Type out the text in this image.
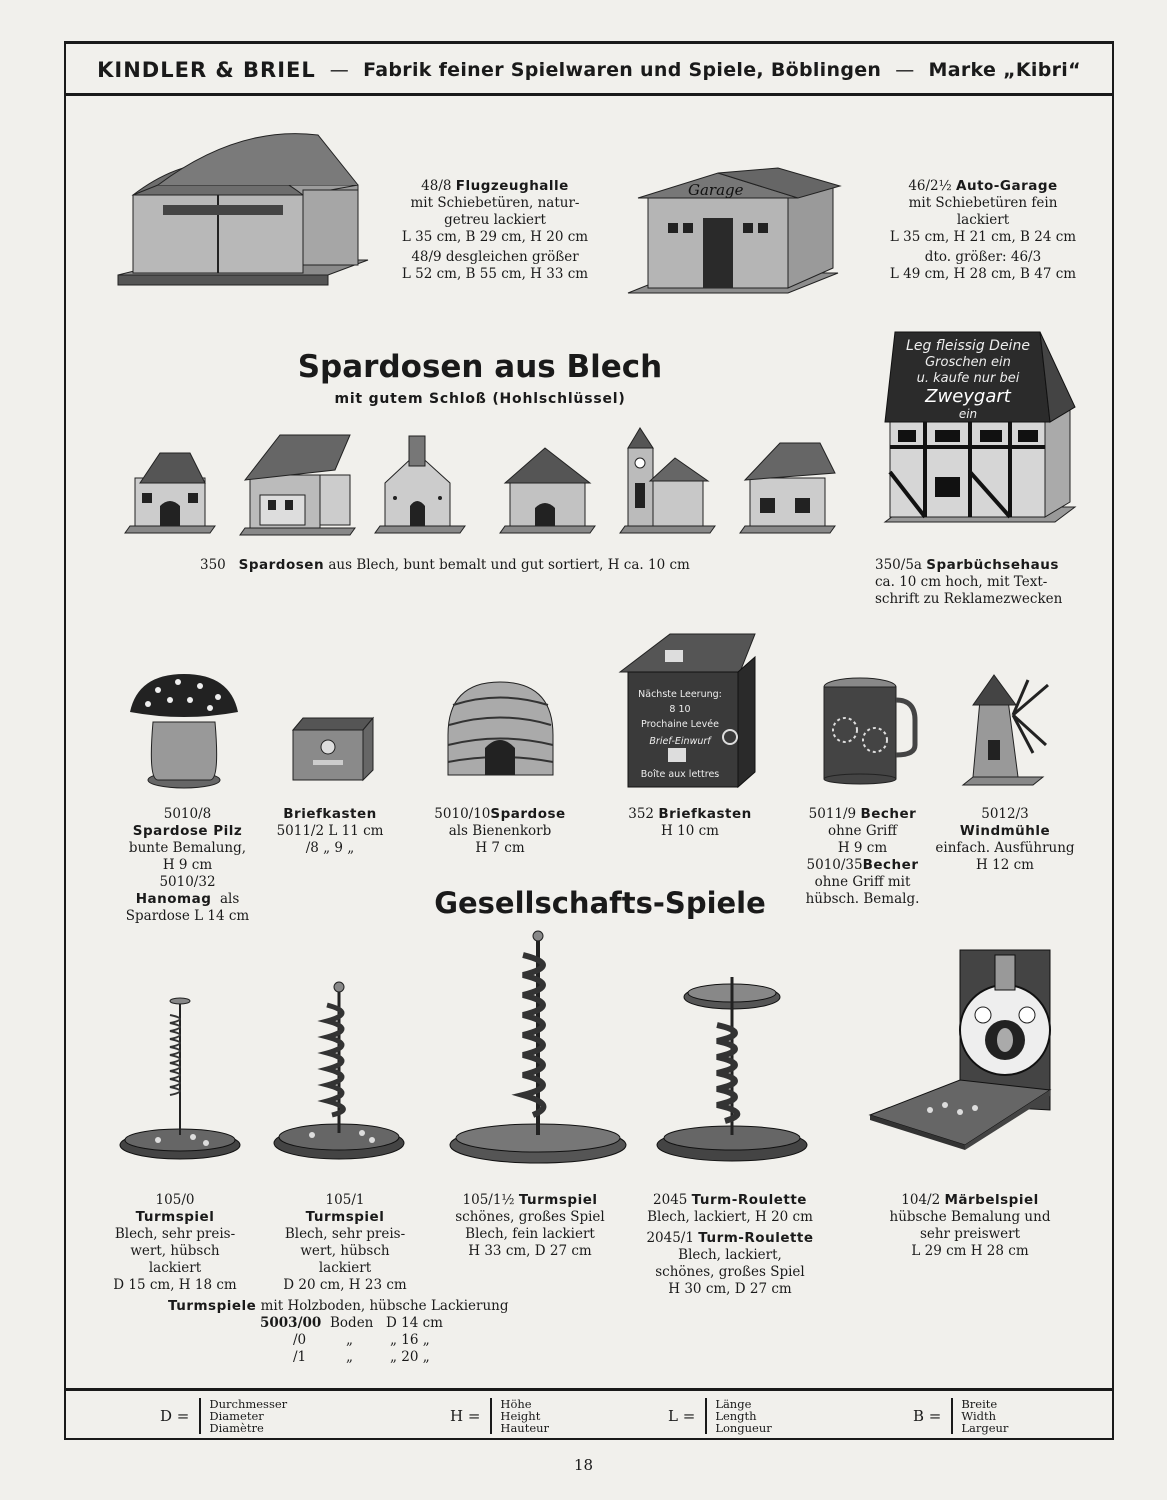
KINDLER & BRIEL — Fabrik feiner Spielwaren und Spiele, Böblingen — Marke „Kibri“
48/8 Flugzeughalle
mit Schiebetüren, natur-
getreu lackiert
L 35 cm, B 29 cm, H 20 cm
48/9 desgleichen größer
L 52 cm, B 55 cm, H 33 cm
Garage	46/2½ Auto-Garage
mit Schiebetüren fein
lackiert
L 35 cm, H 21 cm, B 24 cm
dto. größer: 46/3
L 49 cm, H 28 cm, B 47 cm
Spardosen aus Blech
mit gutem Schloß (Hohlschlüssel)
Leg fleissig Deine
Groschen ein
u. kaufe nur bei
Zweygart
ein
350 Spardosen aus Blech, bunt bemalt und gut sortiert, H ca. 10 cm	350/5a Sparbüchsehaus
ca. 10 cm hoch, mit Text-
schrift zu Reklamezwecken
Nächste Leerung:
8 10
Prochaine Levée
Brief-Einwurf
Boîte aux lettres
5010/8
Spardose Pilz
bunte Bemalung,
H 9 cm
5010/32
Hanomag als
Spardose L 14 cm
Briefkasten
5011/2 L 11 cm
/8 „ 9 „
5010/10Spardose
als Bienenkorb
H 7 cm
352 Briefkasten
H 10 cm
5011/9 Becher
ohne Griff
H 9 cm
5010/35Becher
ohne Griff mit
hübsch. Bemalg.
5012/3
Windmühle
einfach. Ausführung
H 12 cm
Gesellschafts-Spiele
105/0
Turmspiel
Blech, sehr preis-
wert, hübsch
lackiert
D 15 cm, H 18 cm
105/1
Turmspiel
Blech, sehr preis-
wert, hübsch
lackiert
D 20 cm, H 23 cm
105/1½ Turmspiel
schönes, großes Spiel
Blech, fein lackiert
H 33 cm, D 27 cm
2045 Turm-Roulette
Blech, lackiert, H 20 cm
2045/1 Turm-Roulette
Blech, lackiert,
schönes, großes Spiel
H 30 cm, D 27 cm
104/2 Märbelspiel
hübsche Bemalung und
sehr preiswert
L 29 cm H 28 cm
Turmspiele mit Holzboden, hübsche Lackierung
5003/00 Boden D 14 cm
/0	„	„ 16 „
/1	„	„ 20 „
D =
Durchmesser
Diameter
Diamètre
H =
Höhe
Height
Hauteur
L =
Länge
Length
Longueur
B =
Breite
Width
Largeur
18
